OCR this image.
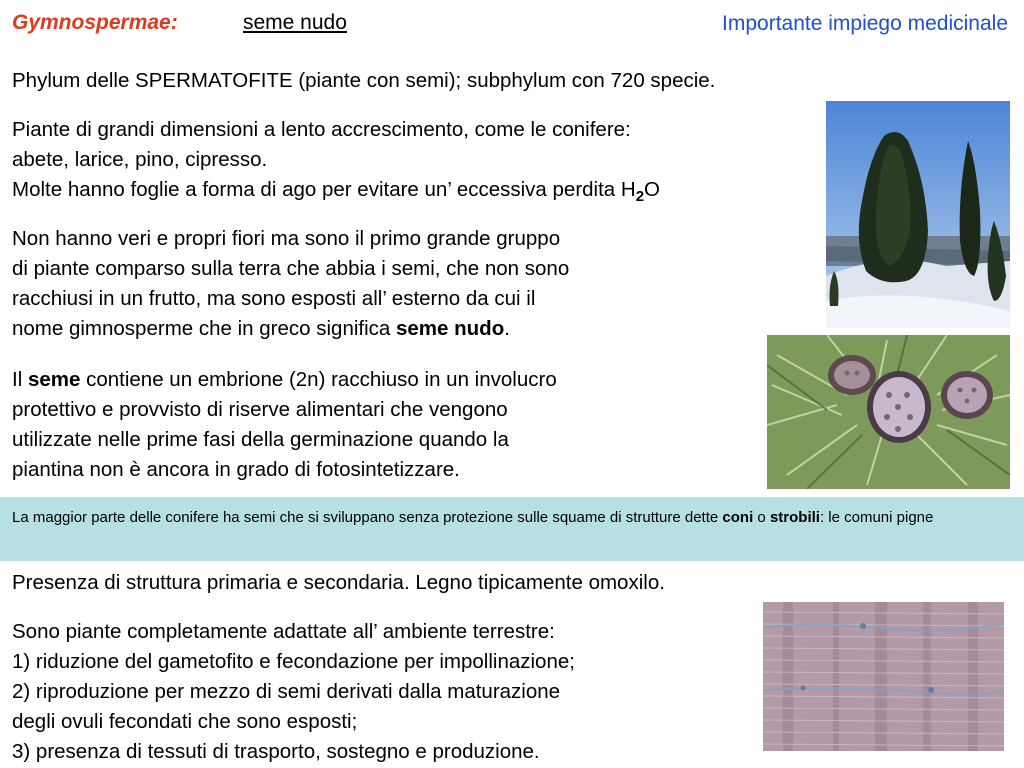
Gymnospermae:	seme nudo	Importante impiego medicinale
Phylum delle SPERMATOFITE (piante con semi); subphylum con 720 specie.
Piante di grandi dimensioni a lento accrescimento, come le conifere:
abete, larice, pino, cipresso.
Molte hanno foglie a forma di ago per evitare un’ eccessiva perdita $H_2O$
Non hanno veri e propri fiori ma sono il primo grande gruppo
di piante comparso sulla terra che abbia i semi, che non sono
racchiusi in un frutto, ma sono esposti all’ esterno da cui il
nome gimnosperme che in greco significa seme nudo.
Il seme contiene un embrione (2n) racchiuso in un involucro
protettivo e provvisto di riserve alimentari che vengono
utilizzate nelle prime fasi della germinazione quando la
piantina non è ancora in grado di fotosintetizzare.
La maggior parte delle conifere ha semi che si sviluppano senza protezione sulle squame di strutture dette coni o strobili: le comuni pigne
Presenza di struttura primaria e secondaria. Legno tipicamente omoxilo.
Sono piante completamente adattate all’ ambiente terrestre:
1) riduzione del gametofito e fecondazione per impollinazione;
2) riproduzione per mezzo di semi derivati dalla maturazione
degli ovuli fecondati che sono esposti;
3) presenza di tessuti di trasporto, sostegno e produzione.
